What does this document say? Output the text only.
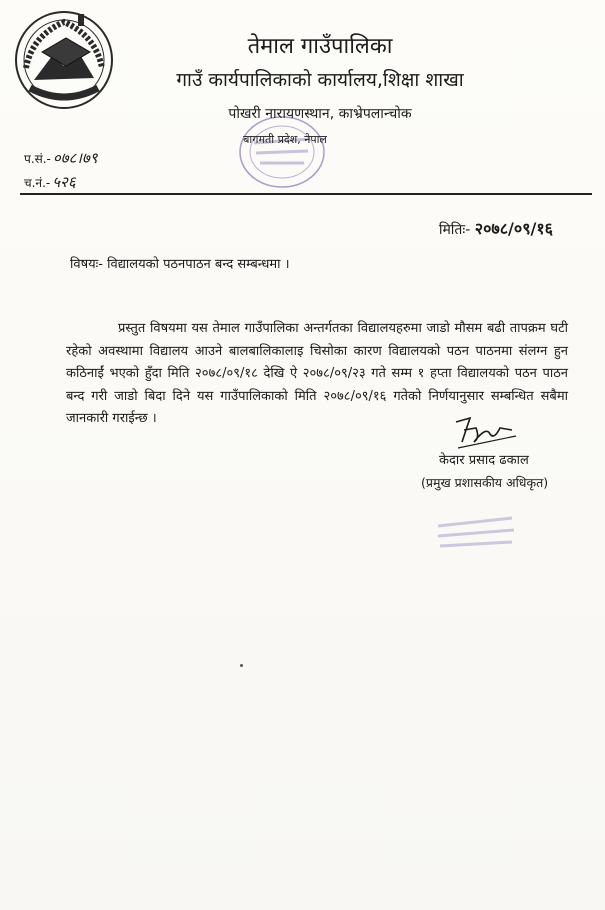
तेमाल गाउँपालिका
गाउँ कार्यपालिकाको कार्यालय,शिक्षा शाखा
पोखरी नारायणस्थान, काभ्रेपलान्चोक
बागमती प्रदेश, नेपाल
प.सं.- ०७८।७९
च.नं.- ५२६
मितिः- २०७८/०९/१६
विषयः- विद्यालयको पठनपाठन बन्द सम्बन्धमा ।
प्रस्तुत विषयमा यस तेमाल गाउँपालिका अन्तर्गतका विद्यालयहरुमा जाडो मौसम बढी तापक्रम घटी रहेको अवस्थामा विद्यालय आउने बालबालिकालाइ चिसोका कारण विद्यालयको पठन पाठनमा संलग्न हुन कठिनाईं भएको हुँदा मिति २०७८/०९/१८ देखि ऐ २०७८/०९/२३ गते सम्म १ हप्ता विद्यालयको पठन पाठन बन्द गरी जाडो बिदा दिने यस गाउँपालिकाको मिति २०७८/०९/१६ गतेको निर्णयानुसार सम्बन्धित सबैमा जानकारी गराईन्छ ।
केदार प्रसाद ढकाल
(प्रमुख प्रशासकीय अधिकृत)
